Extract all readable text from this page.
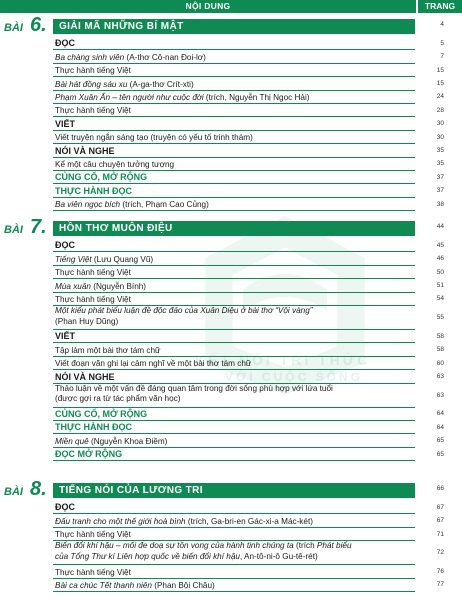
NỘI DUNG	TRANG
KẾT NỐI TRI THỨC
VỚI CUỘC SỐNG
BÀI 6.	GIẢI MÃ NHỮNG BÍ MẬT	4
ĐỌC	5
Ba chàng sinh viên (A-thơ Cô-nan Đoi-lơ)	7
Thực hành tiếng Việt	15
Bài hát đồng sáu xu (A-ga-thơ Crít-xti)	15
Phạm Xuân Ẩn – tên người như cuộc đời (trích, Nguyễn Thị Ngọc Hải)	24
Thực hành tiếng Việt	28
VIẾT	30
Viết truyện ngắn sáng tạo (truyện có yếu tố trinh thám)	30
NÓI VÀ NGHE	35
Kể một câu chuyện tưởng tượng	35
CỦNG CỐ, MỞ RỘNG	37
THỰC HÀNH ĐỌC	37
Ba viên ngọc bích (trích, Phạm Cao Củng)	38
BÀI 7.	HỒN THƠ MUÔN ĐIỆU	44
ĐỌC	45
Tiếng Việt (Lưu Quang Vũ)	46
Thực hành tiếng Việt	50
Mùa xuân (Nguyễn Bính)	51
Thực hành tiếng Việt	54
Một kiểu phát biểu luận đề độc đáo của Xuân Diệu ở bài thơ “Vội vàng”
(Phan Huy Dũng)	55
VIẾT	58
Tập làm một bài thơ tám chữ	58
Viết đoạn văn ghi lại cảm nghĩ về một bài thơ tám chữ	60
NÓI VÀ NGHE	63
Thảo luận về một vấn đề đáng quan tâm trong đời sống phù hợp với lứa tuổi
(được gợi ra từ tác phẩm văn học)	63
CỦNG CỐ, MỞ RỘNG	64
THỰC HÀNH ĐỌC	64
Miền quê (Nguyễn Khoa Điềm)	65
ĐỌC MỞ RỘNG	65
BÀI 8.	TIẾNG NÓI CỦA LƯƠNG TRI	66
ĐỌC	67
Đấu tranh cho một thế giới hoà bình (trích, Ga-bri-en Gác-xi-a Mác-két)	67
Thực hành tiếng Việt	71
Biến đổi khí hậu – mối đe doạ sự tồn vong của hành tinh chúng ta (trích Phát biểu
của Tổng Thư kí Liên hợp quốc về biến đổi khí hậu, An-tô-ni-ô Gu-tê-rét)	72
Thực hành tiếng Việt	76
Bài ca chúc Tết thanh niên (Phan Bội Châu)	77
